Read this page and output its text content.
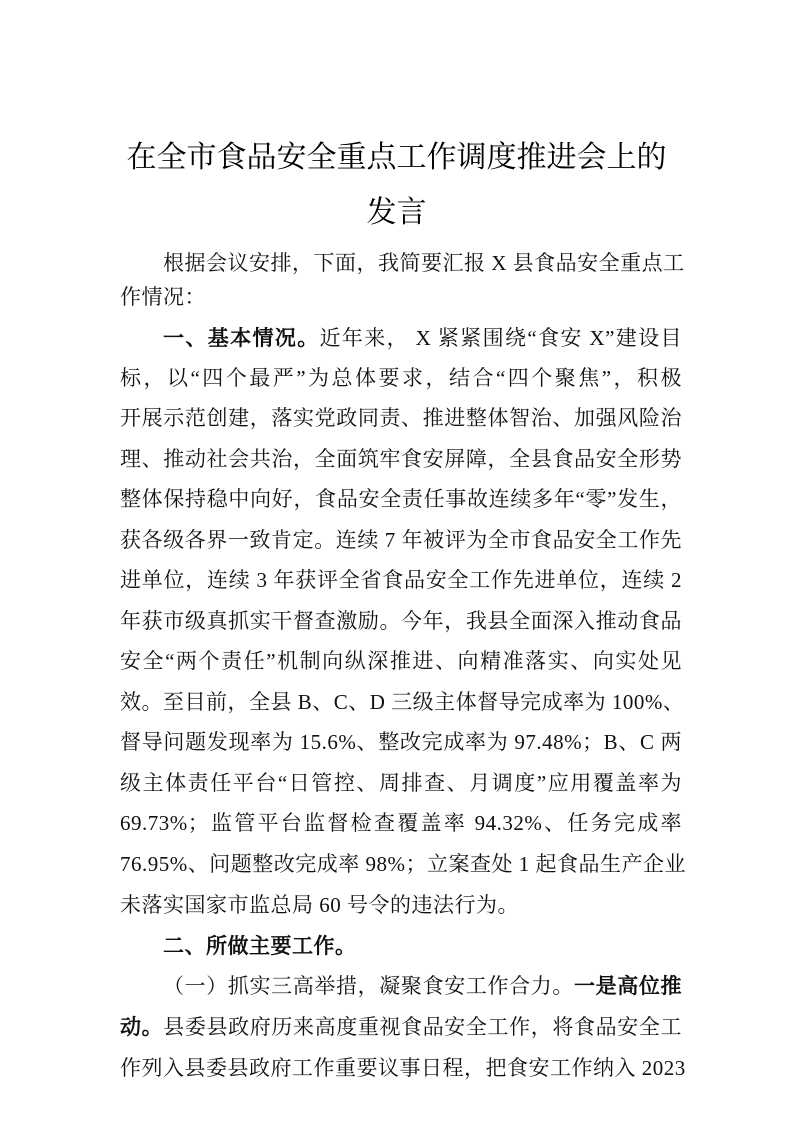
在全市食品安全重点工作调度推进会上的
发言
根据会议安排，下面，我简要汇报 X 县食品安全重点工
作情况：
一、基本情况。近年来， X 紧紧围绕“食安 X”建设目
标，以“四个最严”为总体要求，结合“四个聚焦”，积极
开展示范创建，落实党政同责、推进整体智治、加强风险治
理、推动社会共治，全面筑牢食安屏障，全县食品安全形势
整体保持稳中向好，食品安全责任事故连续多年“零”发生，
获各级各界一致肯定。连续 7 年被评为全市食品安全工作先
进单位，连续 3 年获评全省食品安全工作先进单位，连续 2
年获市级真抓实干督查激励。今年，我县全面深入推动食品
安全“两个责任”机制向纵深推进、向精准落实、向实处见
效。至目前，全县 B、C、D 三级主体督导完成率为 100%、
督导问题发现率为 15.6%、整改完成率为 97.48%；B、C 两
级主体责任平台“日管控、周排查、月调度”应用覆盖率为
69.73%；监管平台监督检查覆盖率 94.32%、任务完成率
76.95%、问题整改完成率 98%；立案查处 1 起食品生产企业
未落实国家市监总局 60 号令的违法行为。
二、所做主要工作。
（一）抓实三高举措，凝聚食安工作合力。一是高位推
动。县委县政府历来高度重视食品安全工作，将食品安全工
作列入县委县政府工作重要议事日程，把食安工作纳入 2023
